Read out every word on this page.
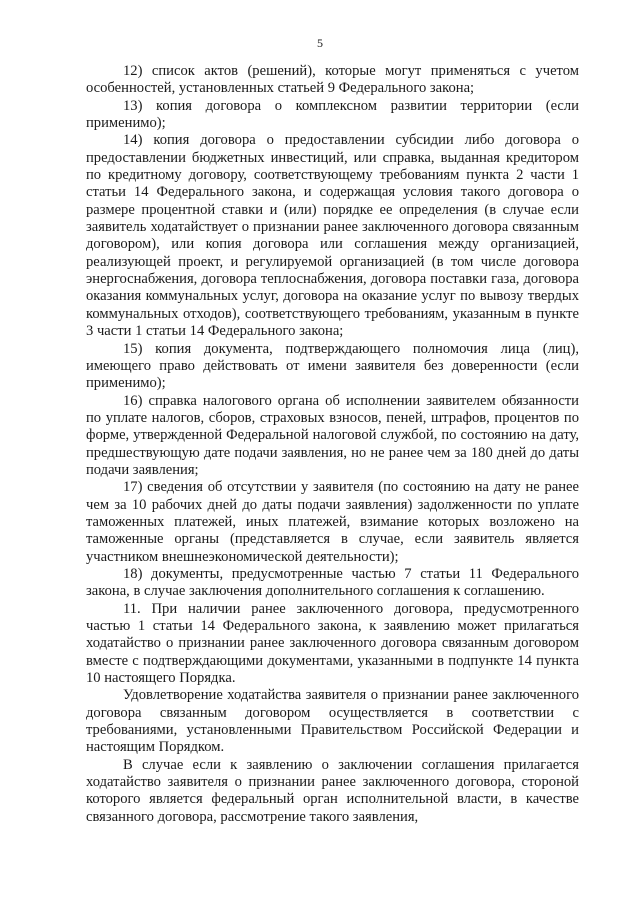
5

12) список актов (решений), которые могут применяться с учетом особенностей, установленных статьей 9 Федерального закона;

13) копия договора о комплексном развитии территории (если применимо);

14) копия договора о предоставлении субсидии либо договора о предоставлении бюджетных инвестиций, или справка, выданная кредитором по кредитному договору, соответствующему требованиям пункта 2 части 1 статьи 14 Федерального закона, и содержащая условия такого договора о размере процентной ставки и (или) порядке ее определения (в случае если заявитель ходатайствует о признании ранее заключенного договора связанным договором), или копия договора или соглашения между организацией, реализующей проект, и регулируемой организацией (в том числе договора энергоснабжения, договора теплоснабжения, договора поставки газа, договора оказания коммунальных услуг, договора на оказание услуг по вывозу твердых коммунальных отходов), соответствующего требованиям, указанным в пункте 3 части 1 статьи 14 Федерального закона;

15) копия документа, подтверждающего полномочия лица (лиц), имеющего право действовать от имени заявителя без доверенности (если применимо);

16) справка налогового органа об исполнении заявителем обязанности по уплате налогов, сборов, страховых взносов, пеней, штрафов, процентов по форме, утвержденной Федеральной налоговой службой, по состоянию на дату, предшествующую дате подачи заявления, но не ранее чем за 180 дней до даты подачи заявления;

17) сведения об отсутствии у заявителя (по состоянию на дату не ранее чем за 10 рабочих дней до даты подачи заявления) задолженности по уплате таможенных платежей, иных платежей, взимание которых возложено на таможенные органы (представляется в случае, если заявитель является участником внешнеэкономической деятельности);

18) документы, предусмотренные частью 7 статьи 11 Федерального закона, в случае заключения дополнительного соглашения к соглашению.

11. При наличии ранее заключенного договора, предусмотренного частью 1 статьи 14 Федерального закона, к заявлению может прилагаться ходатайство о признании ранее заключенного договора связанным договором вместе с подтверждающими документами, указанными в подпункте 14 пункта 10 настоящего Порядка.

Удовлетворение ходатайства заявителя о признании ранее заключенного договора связанным договором осуществляется в соответствии с требованиями, установленными Правительством Российской Федерации и настоящим Порядком.

В случае если к заявлению о заключении соглашения прилагается ходатайство заявителя о признании ранее заключенного договора, стороной которого является федеральный орган исполнительной власти, в качестве связанного договора, рассмотрение такого заявления,
